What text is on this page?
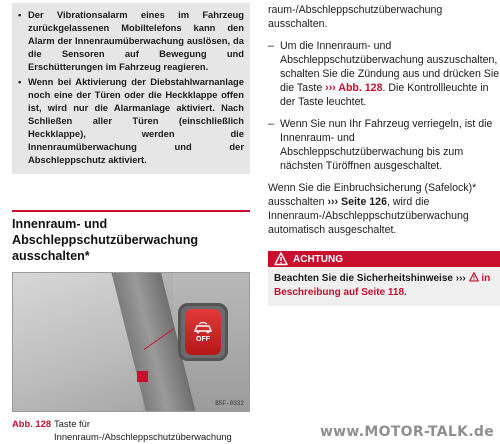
• Der Vibrationsalarm eines im Fahrzeug zurückgelassenen Mobiltelefons kann den Alarm der Innenraumüberwachung auslösen, da die Sensoren auf Bewegung und Erschütterungen im Fahrzeug reagieren.
• Wenn bei Aktivierung der Diebstahlwarnanlage noch eine der Türen oder die Heckklappe offen ist, wird nur die Alarmanlage aktiviert. Nach Schließen aller Türen (einschließlich Heckklappe), werden die Innenraumüberwachung und der Abschleppschutz aktiviert.
Innenraum- und Abschleppschutzüberwachung ausschalten*
OFF
B5F-0332
Abb. 128 Taste für Innenraum-/Abschleppschutzüberwachung

raum-/Abschleppschutzüberwachung ausschalten.

– Um die Innenraum- und Abschleppschutzüberwachung auszuschalten, schalten Sie die Zündung aus und drücken Sie die Taste ››› Abb. 128. Die Kontrollleuchte in der Taste leuchtet.
– Wenn Sie nun Ihr Fahrzeug verriegeln, ist die Innenraum- und Abschleppschutzüberwachung bis zum nächsten Türöffnen ausgeschaltet.

Wenn Sie die Einbruchsicherung (Safelock)* ausschalten ››› Seite 126, wird die Innenraum-/Abschleppschutzüberwachung automatisch ausgeschaltet.

ACHTUNG
Beachten Sie die Sicherheitshinweise ››› in Beschreibung auf Seite 118.
www.MOTOR-TALK.de
